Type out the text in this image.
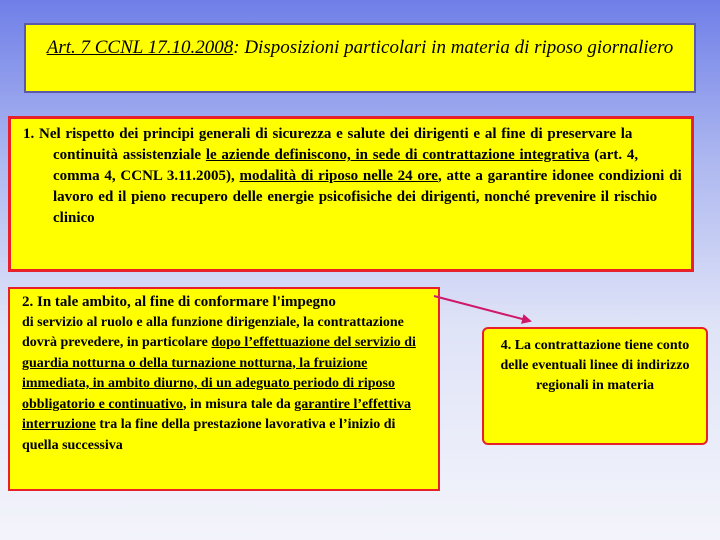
Art. 7 CCNL 17.10.2008: Disposizioni particolari in materia di riposo giornaliero

1. Nel rispetto dei principi generali di sicurezza e salute dei dirigenti e al fine di preservare la continuità assistenziale le aziende definiscono, in sede di contrattazione integrativa (art. 4, comma 4, CCNL 3.11.2005), modalità di riposo nelle 24 ore, atte a garantire idonee condizioni di lavoro ed il pieno recupero delle energie psicofisiche dei dirigenti, nonché prevenire il rischio clinico

2. In tale ambito, al fine di conformare l'impegno
di servizio al ruolo e alla funzione dirigenziale, la contrattazione dovrà prevedere, in particolare dopo l’effettuazione del servizio di guardia notturna o della turnazione notturna, la fruizione immediata, in ambito diurno, di un adeguato periodo di riposo obbligatorio e continuativo, in misura tale da garantire l’effettiva interruzione tra la fine della prestazione lavorativa e l’inizio di quella successiva
4. La contrattazione tiene conto delle eventuali linee di indirizzo regionali in materia
